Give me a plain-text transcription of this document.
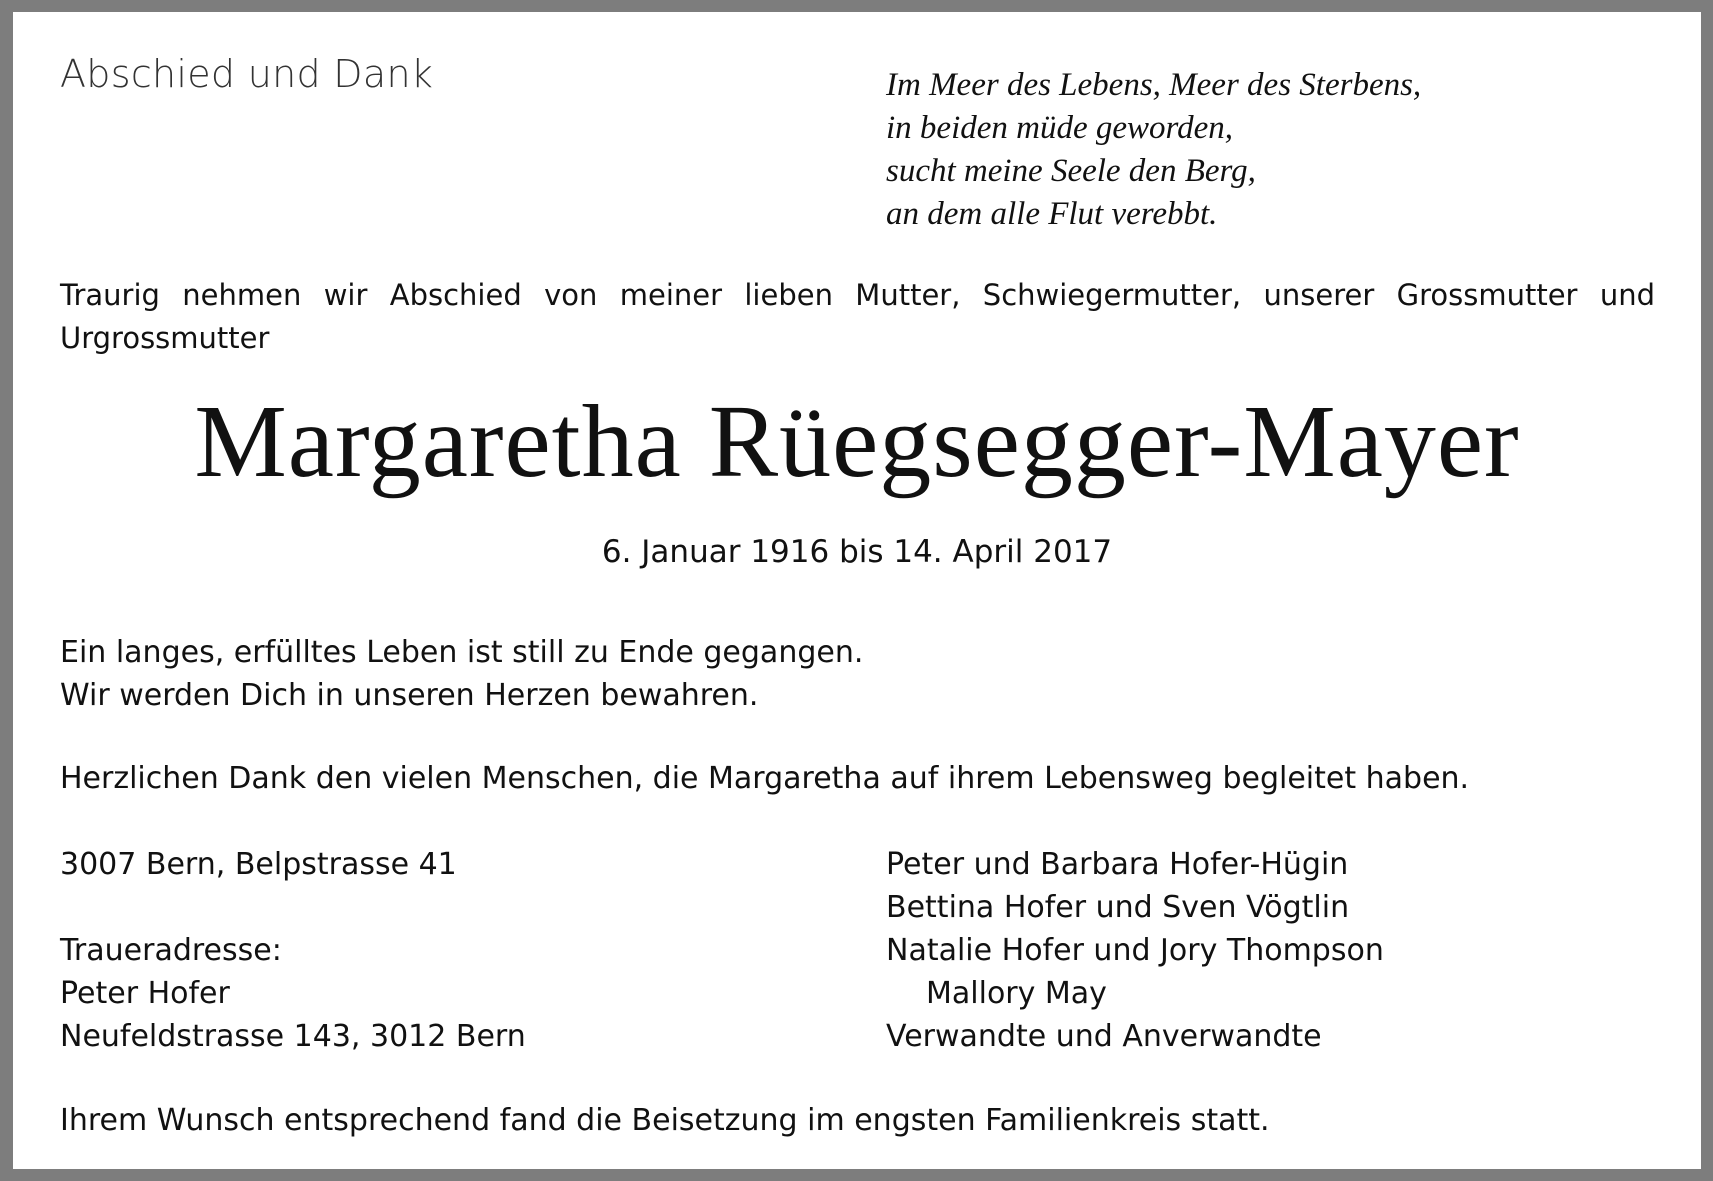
Abschied und Dank	Im Meer des Lebens, Meer des Sterbens,
in beiden müde geworden,
sucht meine Seele den Berg,
an dem alle Flut verebbt.
Traurig nehmen wir Abschied von meiner lieben Mutter, Schwiegermutter, unserer Grossmutter und Urgrossmutter
Margaretha Rüegsegger-Mayer
6. Januar 1916 bis 14. April 2017
Ein langes, erfülltes Leben ist still zu Ende gegangen.
Wir werden Dich in unseren Herzen bewahren.
Herzlichen Dank den vielen Menschen, die Margaretha auf ihrem Lebensweg begleitet haben.
3007 Bern, Belpstrasse 41
Traueradresse:
Peter Hofer
Neufeldstrasse 143, 3012 Bern
Peter und Barbara Hofer-Hügin
Bettina Hofer und Sven Vögtlin
Natalie Hofer und Jory Thompson
Mallory May
Verwandte und Anverwandte
Ihrem Wunsch entsprechend fand die Beisetzung im engsten Familienkreis statt.
